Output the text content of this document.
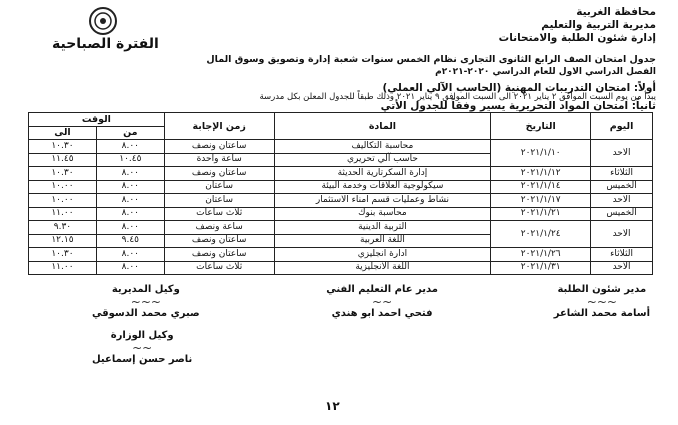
محافظة الغربية
مديرية التربية والتعليم
إدارة شئون الطلبة والامتحانات
الفترة الصباحية
جدول امتحان الصف الرابع الثانوى التجارى نظام الخمس سنوات شعبة إدارة وتصويق وسوق المال
الفصل الدراسي الاول للعام الدراسي ٢٠٢٠-٢٠٢١م
أولاً: امتحان التدريبات المهنية (الحاسب الآلي العملي)
يبدأ من يوم السبت الموافق ٢ يناير ٢٠٢١ الى السبت الموافق ٩ يناير ٢٠٢١ وذلك طبقاً للجدول المعلن بكل مدرسة
ثانياً: امتحان المواد التحريرية يسير وفقاً للجدول الأتي
اليوم	التاريخ	المادة	زمن الإجابة	الوقت	
				من	الى
الاحد	٢٠٢١/١/١٠	محاسبة التكاليف	ساعتان ونصف	٨.٠٠	١٠.٣٠
		حاسب آلي تحريري	ساعة واحدة	١٠.٤٥	١١.٤٥
الثلاثاء	٢٠٢١/١/١٢	إدارة السكرتارية الحديثة	ساعتان ونصف	٨.٠٠	١٠.٣٠
الخميس	٢٠٢١/١/١٤	سيكولوجية العلاقات وخدمة البيئة	ساعتان	٨.٠٠	١٠.٠٠
الاحد	٢٠٢١/١/١٧	نشاط وعمليات قسم امناء الاستثمار	ساعتان	٨.٠٠	١٠.٠٠
الخميس	٢٠٢١/١/٢١	محاسبة بنوك	ثلاث ساعات	٨.٠٠	١١.٠٠
الاحد	٢٠٢١/١/٢٤	التربية الدينية	ساعة ونصف	٨.٠٠	٩.٣٠
		اللغة العربية	ساعتان ونصف	٩.٤٥	١٢.١٥
الثلاثاء	٢٠٢١/١/٢٦	ادارة انجليزي	ساعتان ونصف	٨.٠٠	١٠.٣٠
الاحد	٢٠٢١/١/٣١	اللغة الانجليزية	ثلاث ساعات	٨.٠٠	١١.٠٠
مدير شئون الطلبة
~~~
أسامة محمد الشاعر
مدير عام التعليم الفني
~~
فتحي احمد ابو هندي
وكيل المديرية
~~~
صبري محمد الدسوقي
وكيل الوزارة
~~
ناصر حسن إسماعيل
١٢
